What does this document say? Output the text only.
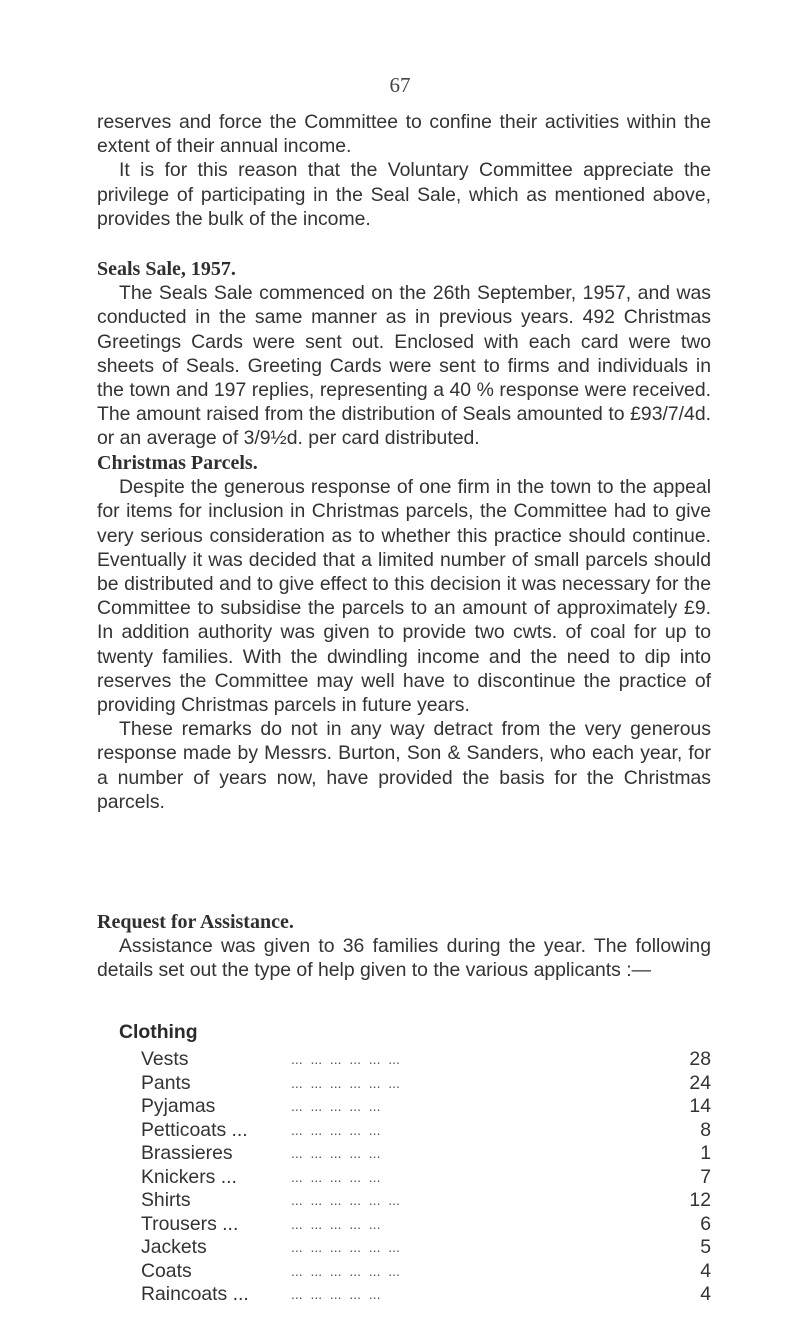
67

reserves and force the Committee to confine their activities within the extent of their annual income.

It is for this reason that the Voluntary Committee appreciate the privilege of participating in the Seal Sale, which as mentioned above, provides the bulk of the income.

Seals Sale, 1957.

The Seals Sale commenced on the 26th September, 1957, and was conducted in the same manner as in previous years. 492 Christmas Greetings Cards were sent out. Enclosed with each card were two sheets of Seals. Greeting Cards were sent to firms and individuals in the town and 197 replies, representing a 40 % response were received. The amount raised from the distribution of Seals amounted to £93/7/4d. or an average of 3/9½d. per card distributed.

Christmas Parcels.

Despite the generous response of one firm in the town to the appeal for items for inclusion in Christmas parcels, the Committee had to give very serious consideration as to whether this practice should continue. Eventually it was decided that a limited number of small parcels should be distributed and to give effect to this decision it was necessary for the Committee to subsidise the parcels to an amount of approximately £9. In addition authority was given to provide two cwts. of coal for up to twenty families. With the dwindling income and the need to dip into reserves the Committee may well have to discontinue the practice of providing Christmas parcels in future years.

These remarks do not in any way detract from the very generous response made by Messrs. Burton, Son & Sanders, who each year, for a number of years now, have provided the basis for the Christmas parcels.

Request for Assistance.

Assistance was given to 36 families during the year. The following details set out the type of help given to the various applicants :—

Clothing
Vests	...  ...  ...  ...  ...  ...	28
Pants	...  ...  ...  ...  ...  ...	24
Pyjamas	...  ...  ...  ...  ...	14
Petticoats ...	...  ...  ...  ...  ...	8
Brassieres	...  ...  ...  ...  ...	1
Knickers ...	...  ...  ...  ...  ...	7
Shirts	...  ...  ...  ...  ...  ...	12
Trousers ...	...  ...  ...  ...  ...	6
Jackets	...  ...  ...  ...  ...  ...	5
Coats	...  ...  ...  ...  ...  ...	4
Raincoats ...	...  ...  ...  ...  ...	4
